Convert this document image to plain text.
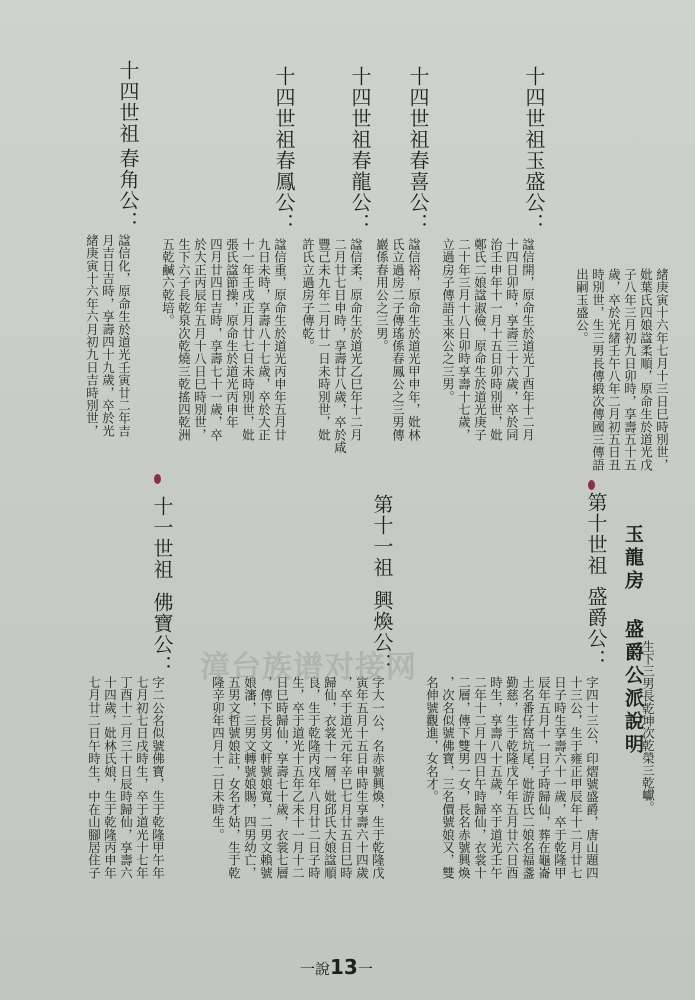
緒庚寅十六年七月十三日巳時別世，
妣葉氏四娘諡柔順，原命生於道光戊
子八年三月初九日卯時，享壽五十五
歲，卒於光緒壬午八年二月初五日丑
時別世，生三男長傳緞次傳國三傳語
出嗣玉盛公。
十四世祖
玉盛公：
諡信開，原命生於道光丁酉年十二月
十四日卯時，享壽三十六歲，卒於同
治壬申年十一月十五日卯時別世，妣
鄭氏二娘諡淑儉，原命生於道光庚子
二十年三月十八日卯時享壽十七歲，
立過房子傳語玉來公之三男。
十四世祖
春喜公：
諡信裕，原命生於道光甲申年，妣林
氏立過房二子傳瑤係春鳳公之三男傳
巖係春用公之三男。
十四世祖
春龍公：
諡信柔，原命生於道光乙巳年十二月
二月廿七日申時，享壽廿八歲，卒於咸
豐己未九年二月廿一日未時別世，妣
許氏立過房子傳乾。
十四世祖
春鳳公：
諡信重，原命生於道光丙申年五月廿
九日未時，享壽八十七歲，卒於大正
十一年壬戌正月廿七日未時別世，妣
張氏諡節操，原命生於道光丙申年
四月廿四日吉時，享壽七十一歲，卒
於大正丙辰年五月十八日巳時別世，
生下六子長乾泉次乾燒三乾搖四乾洲
五乾鹹六乾培。
十四世祖
春角公：
諡信化，原命生於道光壬寅廿二年吉
月吉日吉時，享壽四十九歲，卒於光
緒庚寅十六年六月初九日吉時別世，
玉龍房 盛爵公派說明
生下三男長乾坤次乾榮三乾巘。
第十世祖
盛爵公：
字四十三公，印熠號盛爵，唐山題四
十三公，生于雍正甲辰年十二月廿七
日子時生享壽六十一歲，卒于乾隆甲
辰年五月十一日子時歸仙，葬在龜崙
土名番仔窩坑尾，妣游氏二娘名福盞
勤慈，生于乾隆戊午年五月廿六日酉
時生，享壽八十五歲，卒于道光壬午
二年十二月十四日午時歸仙，衣裳十
二層，傳下雙男一女，長名赤號興煥
，次名似號佛寶，三名價號娘又，雙
名伸號觀進，女名才。
第十一祖
興煥公：
字大一公，名赤號興煥，生于乾隆戊
寅年五月十五日申時生享壽六十四歲
，卒于道光元年辛巳七月廿五日巳時
歸仙，衣裳十一層，妣邱氏大娘諡順
良，生于乾隆丙戌年八月廿二日子時
生，卒于道光十五年乙未十一月十二
日巳時歸仙，享壽七十歲，衣裳七層
，傳下長男文軒號娘寬，二男文賴號
娘瀋，三男文轉號娘賜，四男幼亡，
五男文哲號娘註，女名才姑，生于乾
隆辛卯年四月十二日未時生。
十一世祖
佛寶公：
字二公名似號佛寶，生于乾隆甲午年
七月初七日戌時生，卒于道光十七年
丁酉十二月三十日辰時歸仙，享壽六
十四歲，妣林氏娘，生于乾隆丙申年
七月廿二日午時生，中在山腳居住子
漳台族谱对接网
一說13一
